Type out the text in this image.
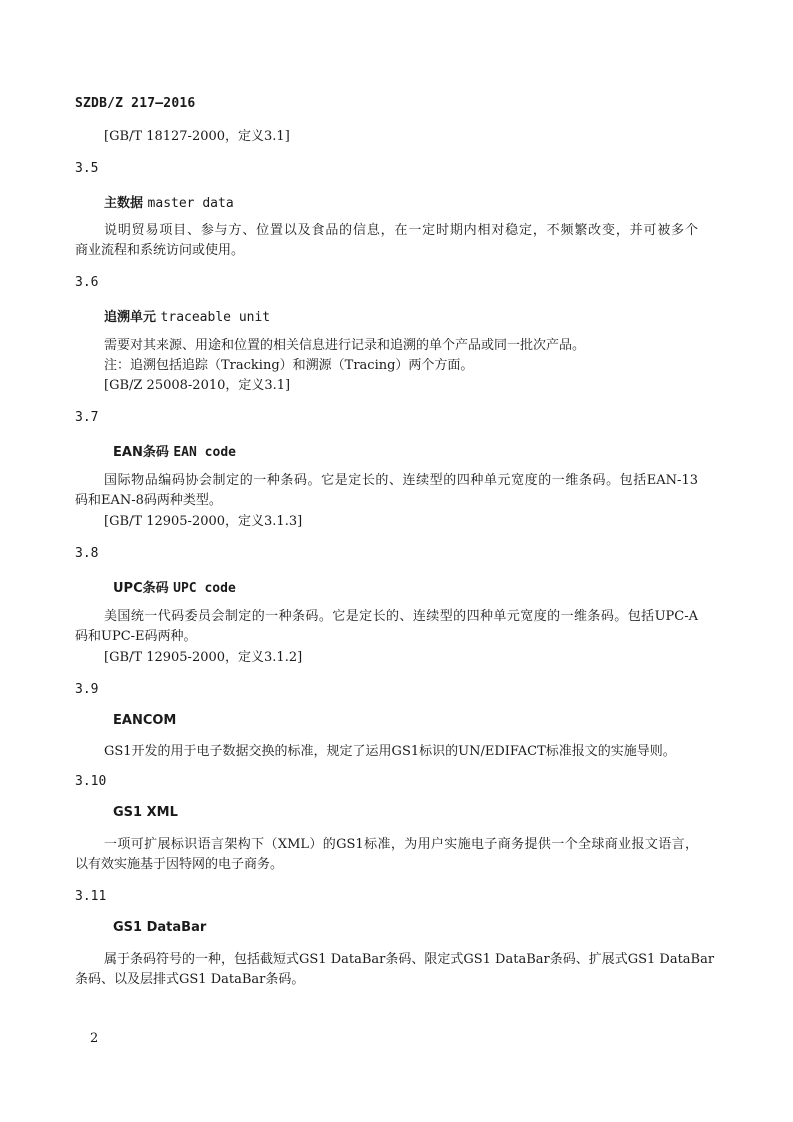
SZDB/Z 217—2016
[GB/T 18127-2000，定义3.1]
3.5
主数据 master data
说明贸易项目、参与方、位置以及食品的信息，在一定时期内相对稳定，不频繁改变，并可被多个
商业流程和系统访问或使用。
3.6
追溯单元 traceable unit
需要对其来源、用途和位置的相关信息进行记录和追溯的单个产品或同一批次产品。
注：追溯包括追踪（Tracking）和溯源（Tracing）两个方面。
[GB/Z 25008-2010，定义3.1]
3.7
EAN条码 EAN code
国际物品编码协会制定的一种条码。它是定长的、连续型的四种单元宽度的一维条码。包括EAN-13
码和EAN-8码两种类型。
[GB/T 12905-2000，定义3.1.3]
3.8
UPC条码 UPC code
美国统一代码委员会制定的一种条码。它是定长的、连续型的四种单元宽度的一维条码。包括UPC-A
码和UPC-E码两种。
[GB/T 12905-2000，定义3.1.2]
3.9
EANCOM
GS1开发的用于电子数据交换的标准，规定了运用GS1标识的UN/EDIFACT标准报文的实施导则。
3.10
GS1 XML
一项可扩展标识语言架构下（XML）的GS1标准，为用户实施电子商务提供一个全球商业报文语言，
以有效实施基于因特网的电子商务。
3.11
GS1 DataBar
属于条码符号的一种，包括截短式GS1 DataBar条码、限定式GS1 DataBar条码、扩展式GS1 DataBar
条码、以及层排式GS1 DataBar条码。
2
